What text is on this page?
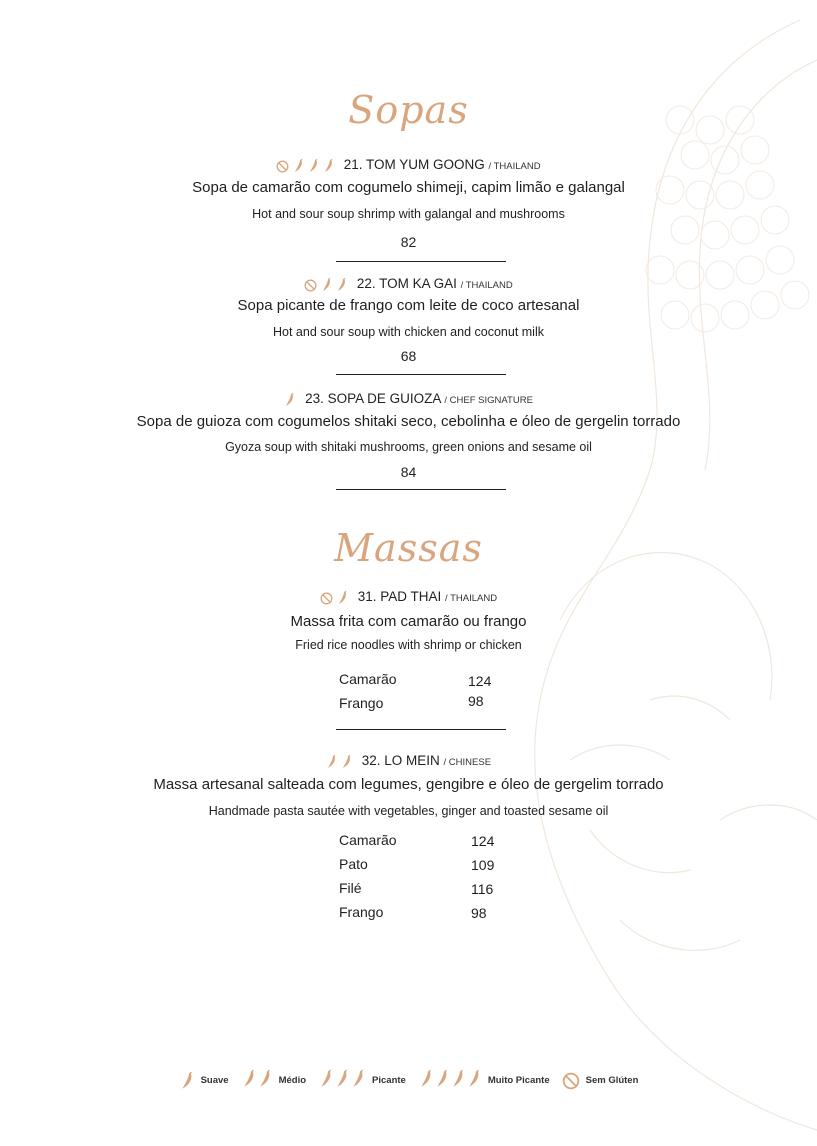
Sopas
21. TOM YUM GOONG / THAILAND
Sopa de camarão com cogumelo shimeji, capim limão e galangal
Hot and sour soup shrimp with galangal and mushrooms
82
22. TOM KA GAI / THAILAND
Sopa picante de frango com leite de coco artesanal
Hot and sour soup with chicken and coconut milk
68
23. SOPA DE GUIOZA / CHEF SIGNATURE
Sopa de guioza com cogumelos shitaki seco, cebolinha e óleo de gergelin torrado
Gyoza soup with shitaki mushrooms, green onions and sesame oil
84
Massas
31. PAD THAI / THAILAND
Massa frita com camarão ou frango
Fried rice noodles with shrimp or chicken
Camarão	124
Frango	98
32. LO MEIN / CHINESE
Massa artesanal salteada com legumes, gengibre e óleo de gergelim torrado
Handmade pasta sautée with vegetables, ginger and toasted sesame oil
Camarão	124
Pato	109
Filé	116
Frango	98
Suave	Médio	Picante	Muito Picante	Sem Glúten
